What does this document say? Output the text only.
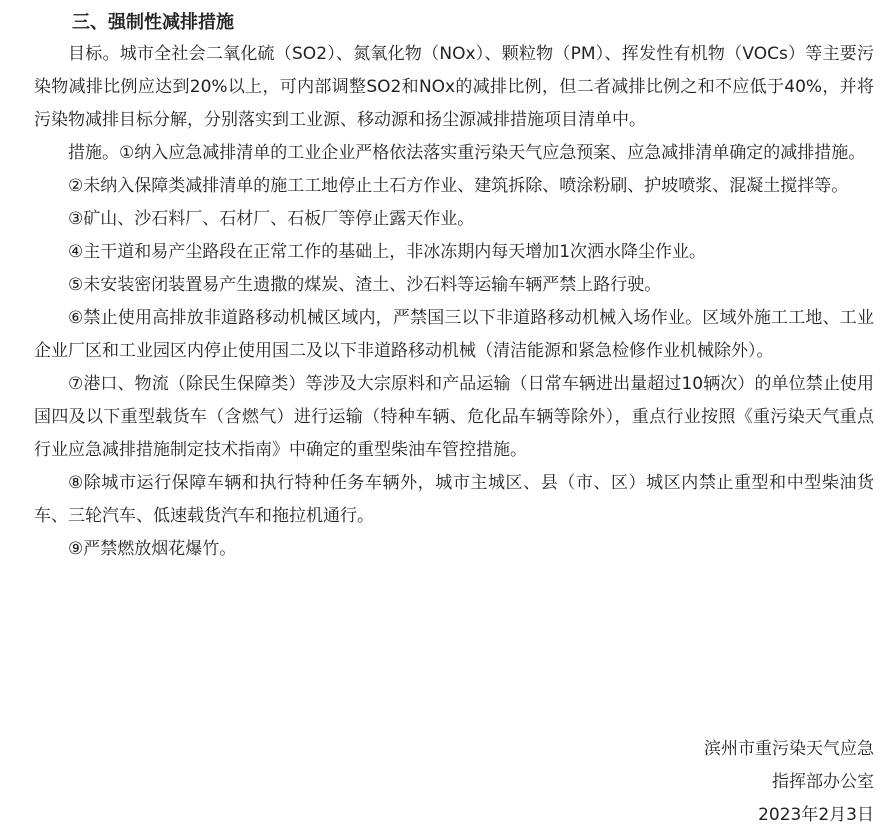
三、强制性减排措施

目标。城市全社会二氧化硫（SO2）、氮氧化物（NOx）、颗粒物（PM）、挥发性有机物（VOCs）等主要污染物减排比例应达到20%以上，可内部调整SO2和NOx的减排比例，但二者减排比例之和不应低于40%，并将污染物减排目标分解，分别落实到工业源、移动源和扬尘源减排措施项目清单中。

措施。①纳入应急减排清单的工业企业严格依法落实重污染天气应急预案、应急减排清单确定的减排措施。

②未纳入保障类减排清单的施工工地停止土石方作业、建筑拆除、喷涂粉刷、护坡喷浆、混凝土搅拌等。

③矿山、沙石料厂、石材厂、石板厂等停止露天作业。

④主干道和易产尘路段在正常工作的基础上，非冰冻期内每天增加1次洒水降尘作业。

⑤未安装密闭装置易产生遗撒的煤炭、渣土、沙石料等运输车辆严禁上路行驶。

⑥禁止使用高排放非道路移动机械区域内，严禁国三以下非道路移动机械入场作业。区域外施工工地、工业企业厂区和工业园区内停止使用国二及以下非道路移动机械（清洁能源和紧急检修作业机械除外）。

⑦港口、物流（除民生保障类）等涉及大宗原料和产品运输（日常车辆进出量超过10辆次）的单位禁止使用国四及以下重型载货车（含燃气）进行运输（特种车辆、危化品车辆等除外），重点行业按照《重污染天气重点行业应急减排措施制定技术指南》中确定的重型柴油车管控措施。

⑧除城市运行保障车辆和执行特种任务车辆外，城市主城区、县（市、区）城区内禁止重型和中型柴油货车、三轮汽车、低速载货汽车和拖拉机通行。

⑨严禁燃放烟花爆竹。

滨州市重污染天气应急
指挥部办公室
2023年2月3日
